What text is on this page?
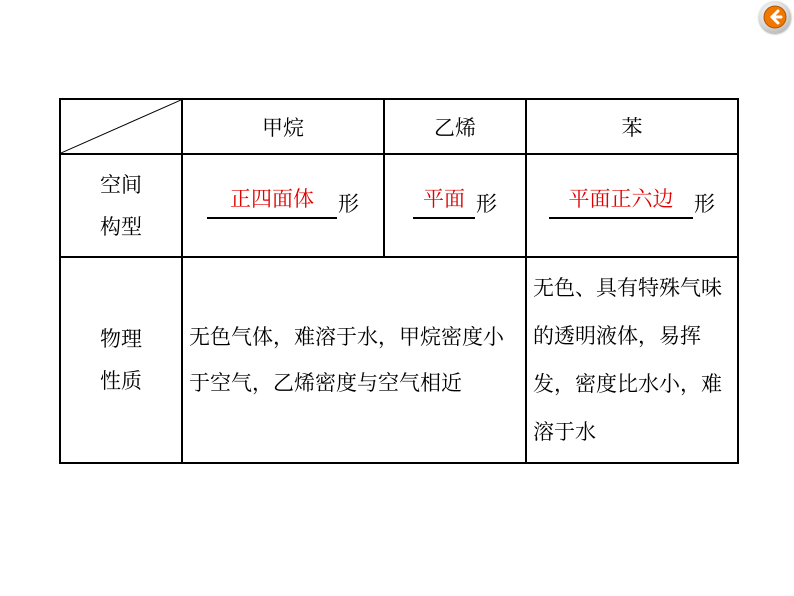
	甲烷	乙烯	苯
空间
构型	正四面体 形	平面 形	平面正六边 形

物理
性质	无色气体，难溶于水，甲烷密度小于空气，乙烯密度与空气相近		无色、具有特殊气味的透明液体，易挥发，密度比水小，难溶于水
